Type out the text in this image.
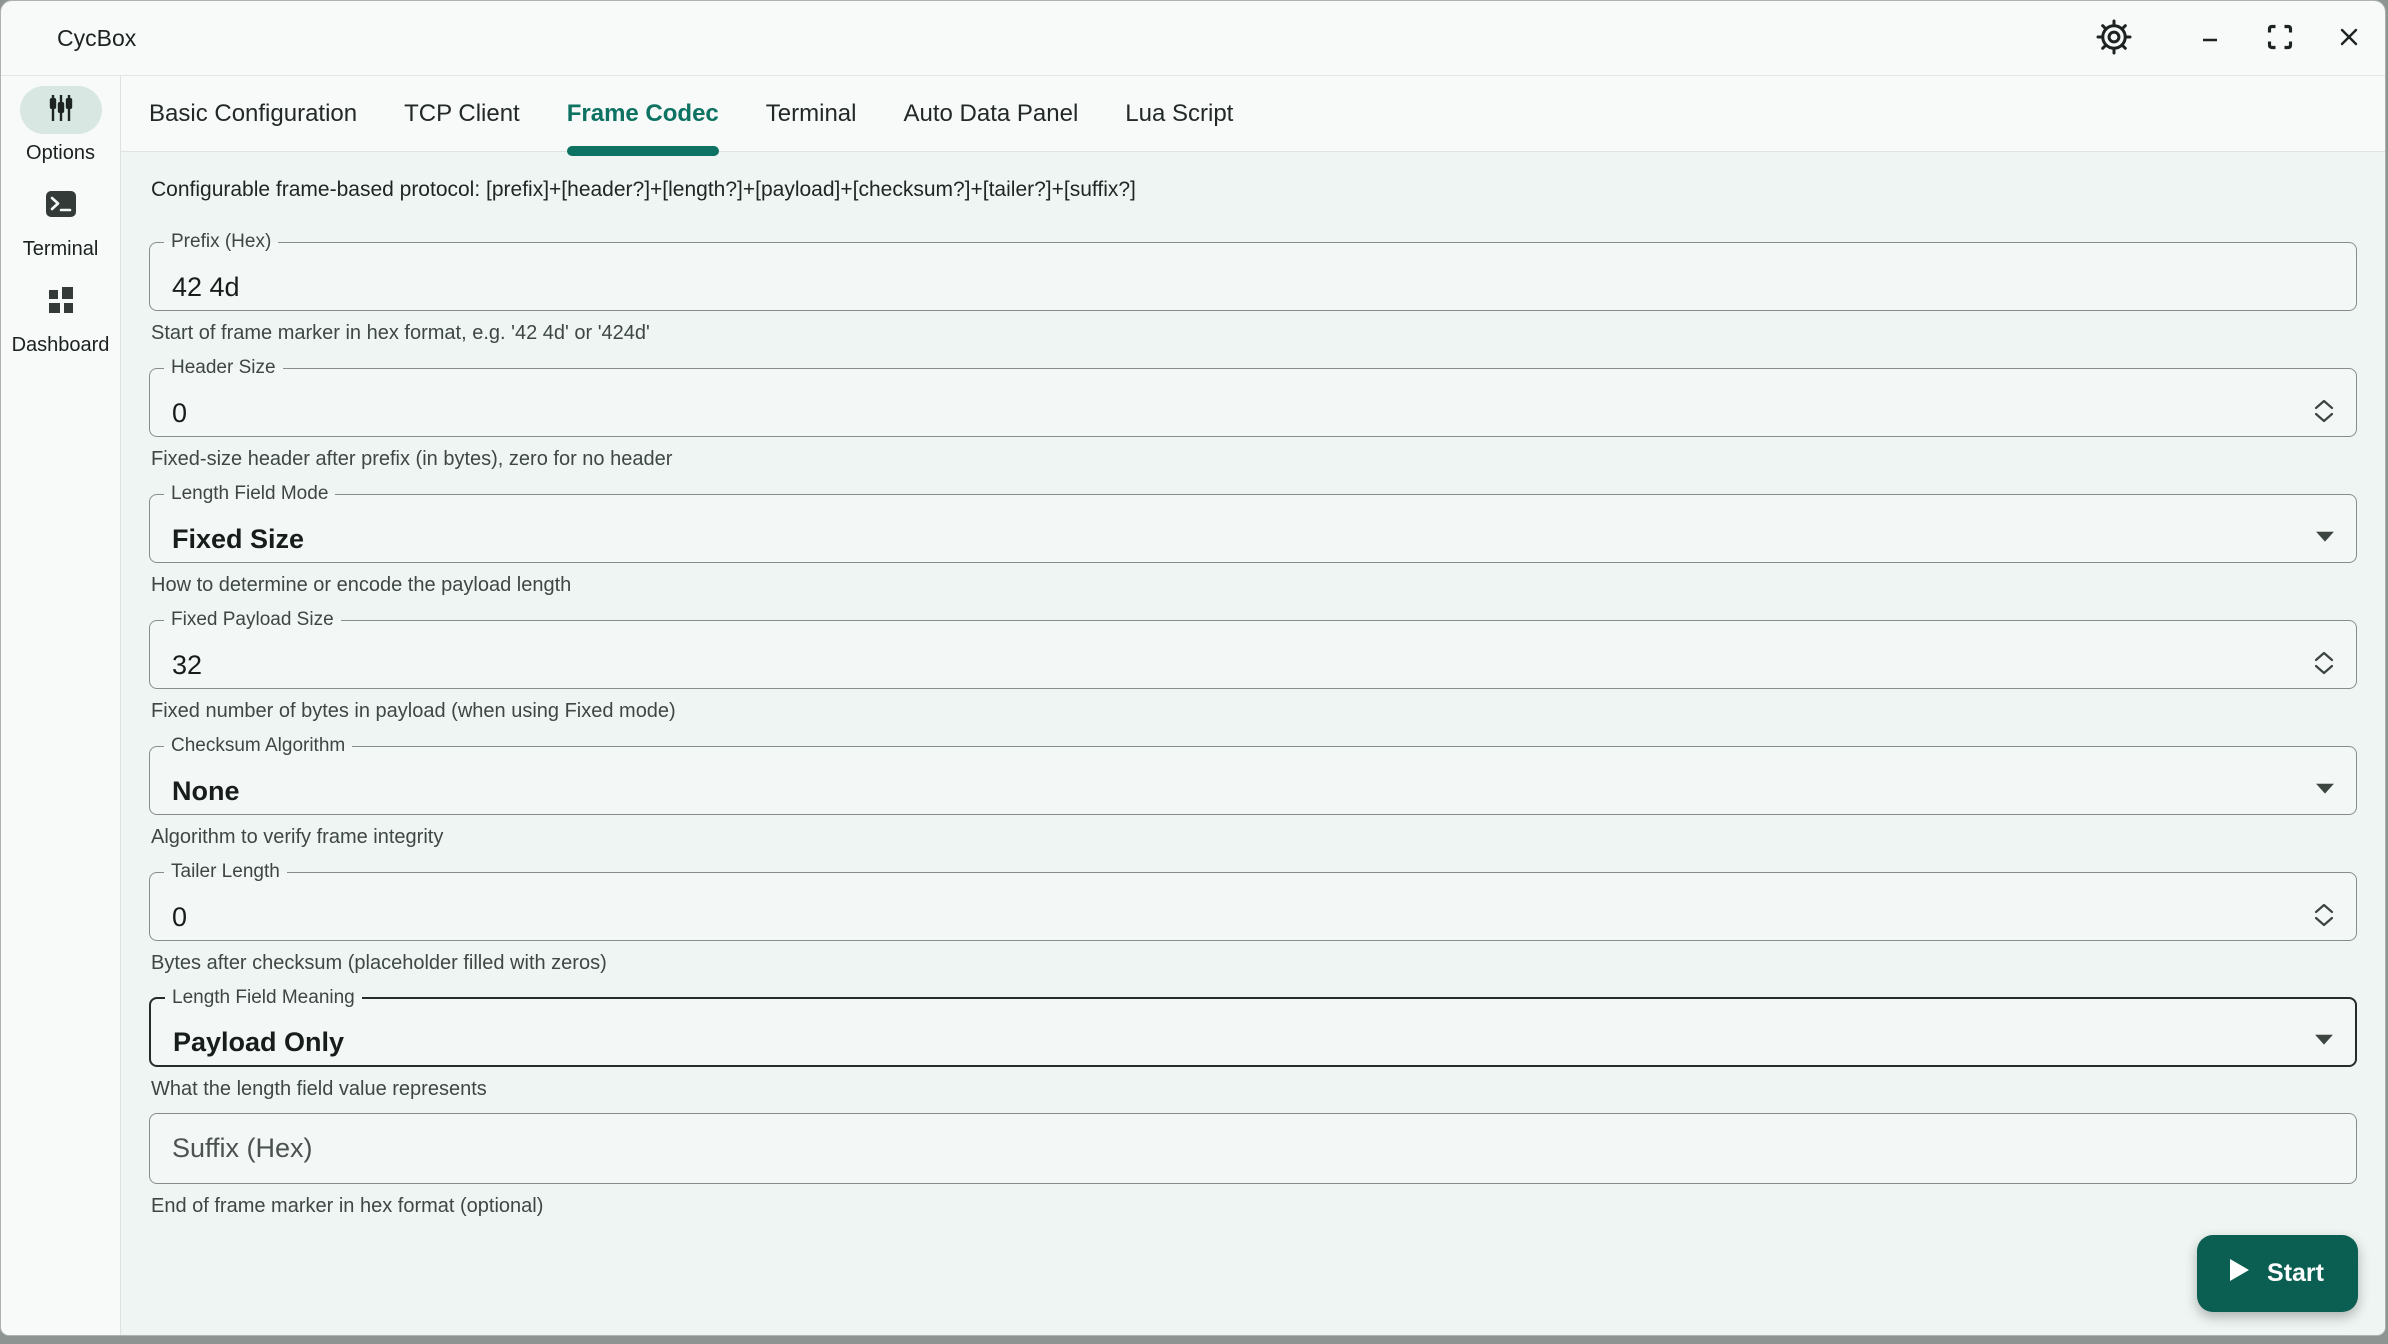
CycBox
Options
Terminal
Dashboard
Basic Configuration TCP Client Frame Codec Terminal Auto Data Panel Lua Script
Configurable frame-based protocol: [prefix]+[header?]+[length?]+[payload]+[checksum?]+[tailer?]+[suffix?]
Prefix (Hex)
42 4d
Start of frame marker in hex format, e.g. '42 4d' or '424d'
Header Size
0
Fixed-size header after prefix (in bytes), zero for no header
Length Field Mode
Fixed Size
How to determine or encode the payload length
Fixed Payload Size
32
Fixed number of bytes in payload (when using Fixed mode)
Checksum Algorithm
None
Algorithm to verify frame integrity
Tailer Length
0
Bytes after checksum (placeholder filled with zeros)
Length Field Meaning
Payload Only
What the length field value represents
Suffix (Hex)
End of frame marker in hex format (optional)
Start
